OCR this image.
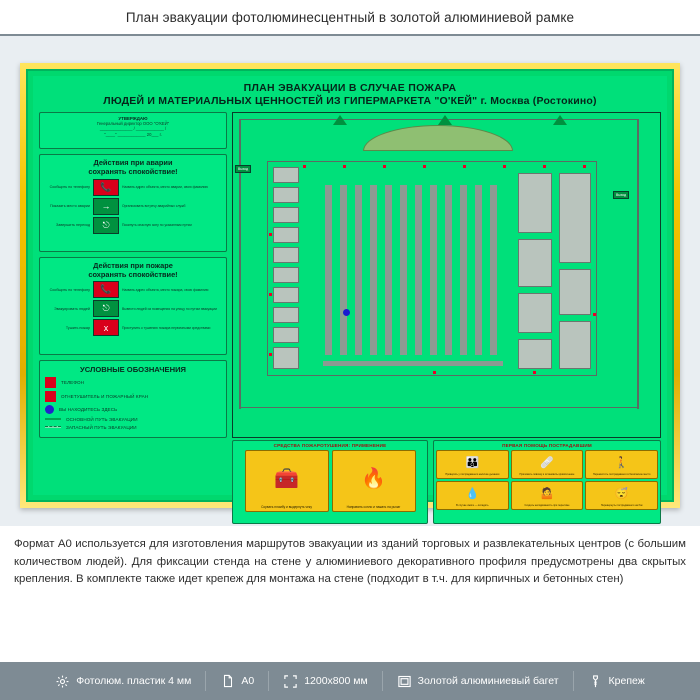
План эвакуации фотолюминесцентный в золотой алюминиевой рамке
ПЛАН ЭВАКУАЦИИ В СЛУЧАЕ ПОЖАРА
ЛЮДЕЙ И МАТЕРИАЛЬНЫХ ЦЕННОСТЕЙ ИЗ ГИПЕРМАРКЕТА "О'КЕЙ" г. Москва (Ростокино)
УТВЕРЖДАЮ
Генеральный директор ООО "О'КЕЙ"
______________ / ____________ /
"____" ____________ 20___ г.
Действия при аварии
сохранять спокойствие!
Сообщить по телефону	📞	Назвать адрес объекта, место аварии, свою фамилию
Показать место аварии	→	Организовать встречу аварийных служб
Завершить переход	⎋	Покинуть опасную зону по указанным путям
Действия при пожаре
сохранять спокойствие!
Сообщить по телефону	📞	Назвать адрес объекта, место пожара, свою фамилию
Эвакуировать людей	⎋	Вывести людей из помещения на улицу по путям эвакуации
Тушить пожар	x	Приступить к тушению пожара первичными средствами
УСЛОВНЫЕ ОБОЗНАЧЕНИЯ
ТЕЛЕФОН
ОГНЕТУШИТЕЛЬ И ПОЖАРНЫЙ КРАН
ВЫ НАХОДИТЕСЬ ЗДЕСЬ
ОСНОВНОЙ ПУТЬ ЭВАКУАЦИИ
ЗАПАСНЫЙ ПУТЬ ЭВАКУАЦИИ
Выход
Выход
СРЕДСТВА ПОЖАРОТУШЕНИЯ: ПРИМЕНЕНИЕ
🧰
Сорвать пломбу и выдернуть чеку
🔥
Направить сопло и нажать на рычаг
ПЕРВАЯ ПОМОЩЬ ПОСТРАДАВШИМ
👪
Проверить у пострадавшего наличие дыхания
🩹
Приложить повязку и остановить кровотечение
🚶
Переместить пострадавшего в безопасное место
💧
В случае ожога — охладить
🤷
Создать неподвижность при переломе
😴
Перевернуть пострадавшего на бок
Формат А0 используется для изготовления маршрутов эвакуации из зданий торговых и развлекательных центров (с большим количеством людей). Для фиксации стенда на стене у алюминиевого декоративного профиля предусмотрены два скрытых крепления. В комплекте также идет крепеж для монтажа на стене (подходит в т.ч. для кирпичных и бетонных стен)
Фотолюм. пластик 4 мм	А0	1200x800 мм	Золотой алюминиевый багет	Крепеж
